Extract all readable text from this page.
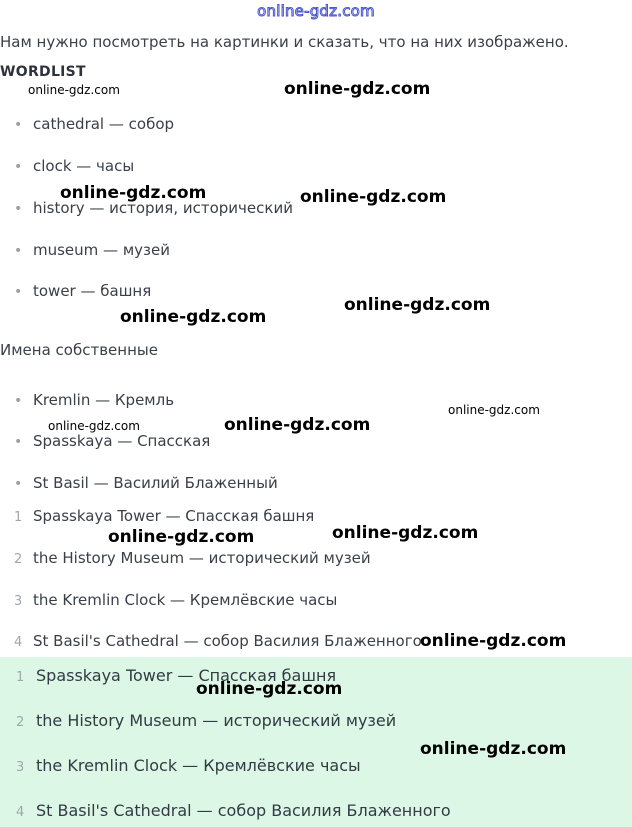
online-gdz.com
Нам нужно посмотреть на картинки и сказать, что на них изображено.
WORDLIST
• cathedral — собор
• clock — часы
• history — история, исторический
• museum — музей
• tower — башня
Имена собственные
• Kremlin — Кремль
• Spasskaya — Спасская
• St Basil — Василий Блаженный
1 Spasskaya Tower — Спасская башня
2 the History Museum — исторический музей
3 the Kremlin Clock — Кремлёвские часы
4 St Basil's Cathedral — собор Василия Блаженного
1 Spasskaya Tower — Спасская башня
2 the History Museum — исторический музей
3 the Kremlin Clock — Кремлёвские часы
4 St Basil's Cathedral — собор Василия Блаженного
online-gdz.com	online-gdz.com
online-gdz.com	online-gdz.com
online-gdz.com
online-gdz.com
online-gdz.com
online-gdz.com
online-gdz.com
online-gdz.com
online-gdz.com
online-gdz.com
online-gdz.com
online-gdz.com
